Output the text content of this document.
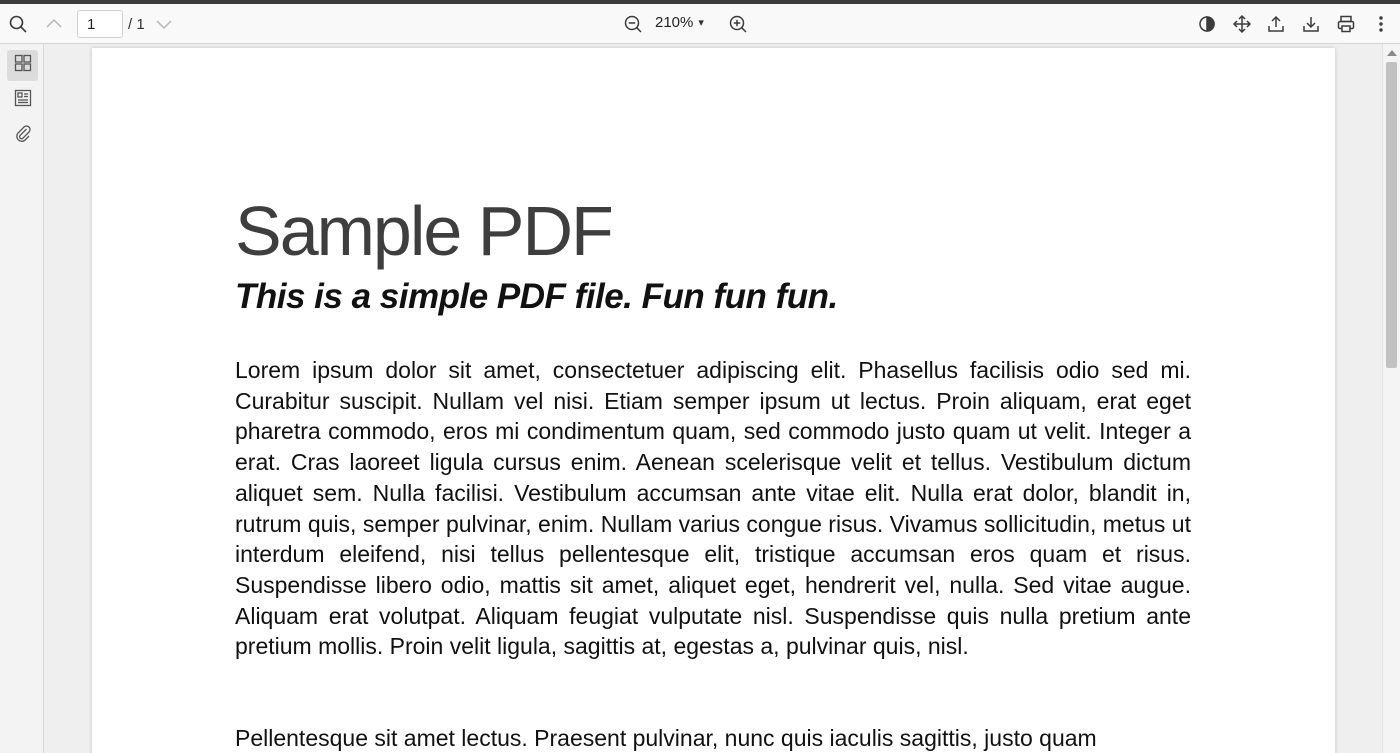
1
/ 1	210% ▾
Sample PDF
This is a simple PDF file. Fun fun fun.

Lorem ipsum dolor sit amet, consectetuer adipiscing elit. Phasellus facilisis odio sed mi. Curabitur suscipit. Nullam vel nisi. Etiam semper ipsum ut lectus. Proin aliquam, erat eget pharetra commodo, eros mi condimentum quam, sed commodo justo quam ut velit. Integer a erat. Cras laoreet ligula cursus enim. Aenean scelerisque velit et tellus. Vestibulum dictum aliquet sem. Nulla facilisi. Vestibulum accumsan ante vitae elit. Nulla erat dolor, blandit in, rutrum quis, semper pulvinar, enim. Nullam varius congue risus. Vivamus sollicitudin, metus ut interdum eleifend, nisi tellus pellentesque elit, tristique accumsan eros quam et risus. Suspendisse libero odio, mattis sit amet, aliquet eget, hendrerit vel, nulla. Sed vitae augue. Aliquam erat volutpat. Aliquam feugiat vulputate nisl. Suspendisse quis nulla pretium ante pretium mollis. Proin velit ligula, sagittis at, egestas a, pulvinar quis, nisl.

Pellentesque sit amet lectus. Praesent pulvinar, nunc quis iaculis sagittis, justo quam
